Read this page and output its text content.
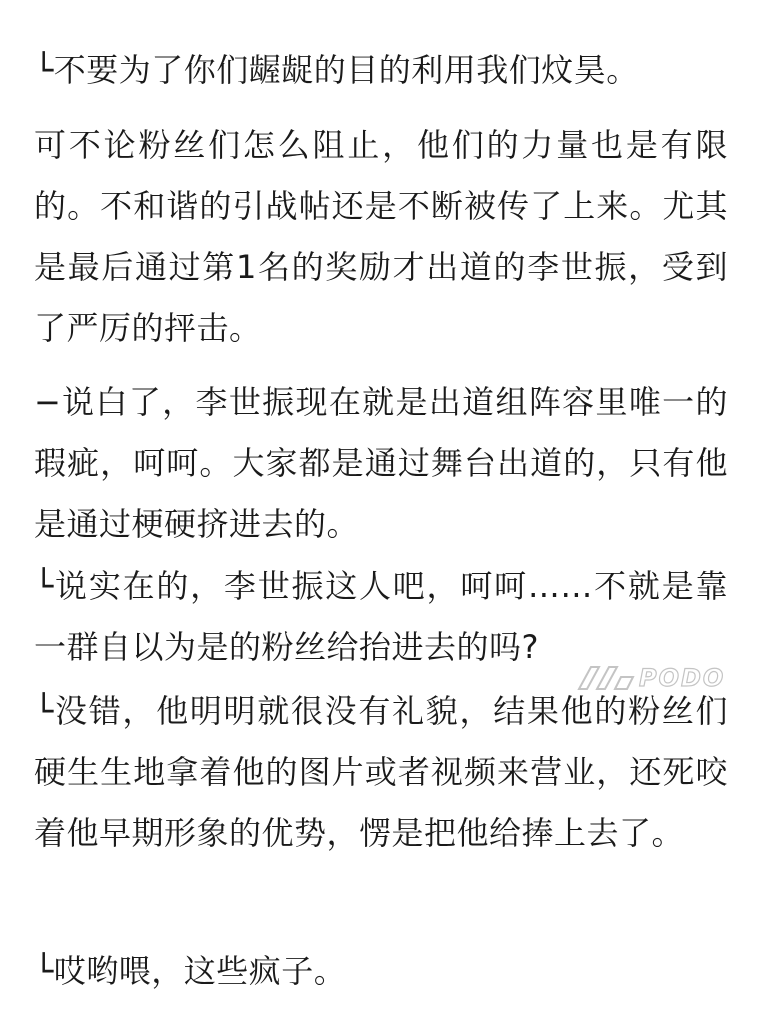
└不要为了你们龌龊的目的利用我们炆昊。

可不论粉丝们怎么阻止，他们的力量也是有限的。不和谐的引战帖还是不断被传了上来。尤其是最后通过第1名的奖励才出道的李世振，受到了严厉的抨击。

−说白了，李世振现在就是出道组阵容里唯一的瑕疵，呵呵。大家都是通过舞台出道的，只有他是通过梗硬挤进去的。

└说实在的，李世振这人吧，呵呵……不就是靠一群自以为是的粉丝给抬进去的吗?

└没错，他明明就很没有礼貌，结果他的粉丝们硬生生地拿着他的图片或者视频来营业，还死咬着他早期形象的优势，愣是把他给捧上去了。

└哎哟喂，这些疯子。

PODO
